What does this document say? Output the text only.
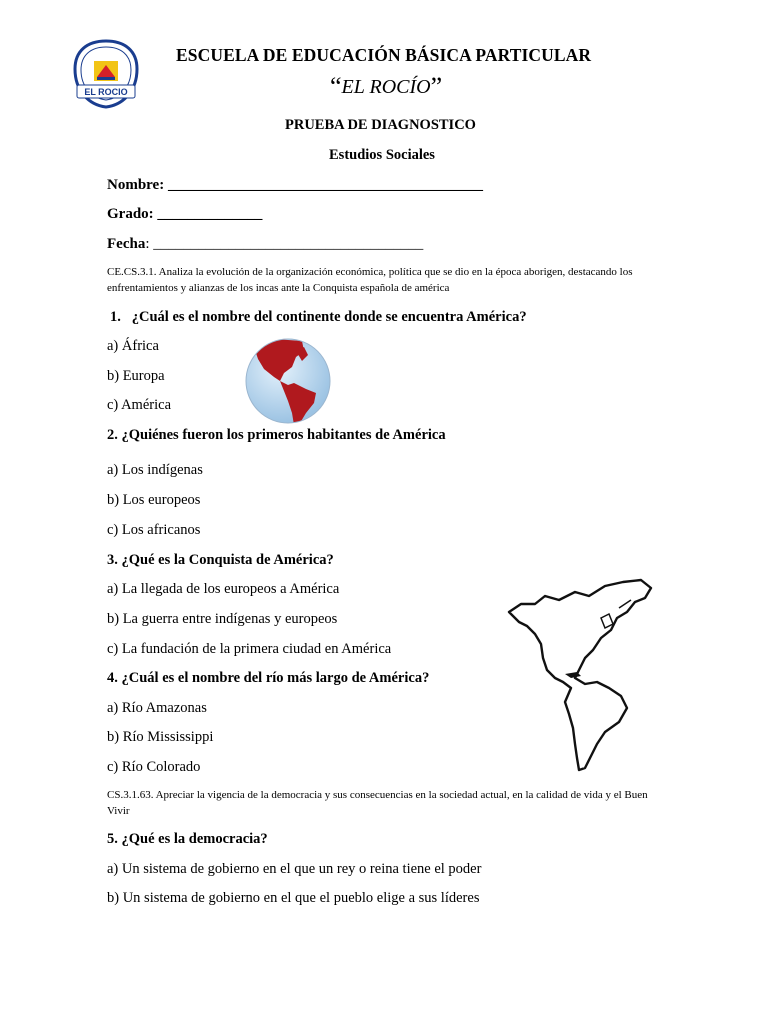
EL ROCIO
ESCUELA DE EDUCACIÓN BÁSICA PARTICULAR
“EL ROCÍO”
PRUEBA DE DIAGNOSTICO
Estudios Sociales
Nombre: __________________________________________
Grado: ______________
Fecha: ____________________________________
CE.CS.3.1. Analiza la evolución de la organización económica, política que se dio en la época aborigen, destacando los enfrentamientos y alianzas de los incas ante la Conquista española de américa
1. ¿Cuál es el nombre del continente donde se encuentra América?
a) África
b) Europa
c) América
2. ¿Quiénes fueron los primeros habitantes de América
a) Los indígenas
b) Los europeos
c) Los africanos
3. ¿Qué es la Conquista de América?
a) La llegada de los europeos a América
b) La guerra entre indígenas y europeos
c) La fundación de la primera ciudad en América
4. ¿Cuál es el nombre del río más largo de América?
a) Río Amazonas
b) Río Mississippi
c) Río Colorado
CS.3.1.63. Apreciar la vigencia de la democracia y sus consecuencias en la sociedad actual, en la calidad de vida y el Buen Vivir
5. ¿Qué es la democracia?
a) Un sistema de gobierno en el que un rey o reina tiene el poder
b) Un sistema de gobierno en el que el pueblo elige a sus líderes
